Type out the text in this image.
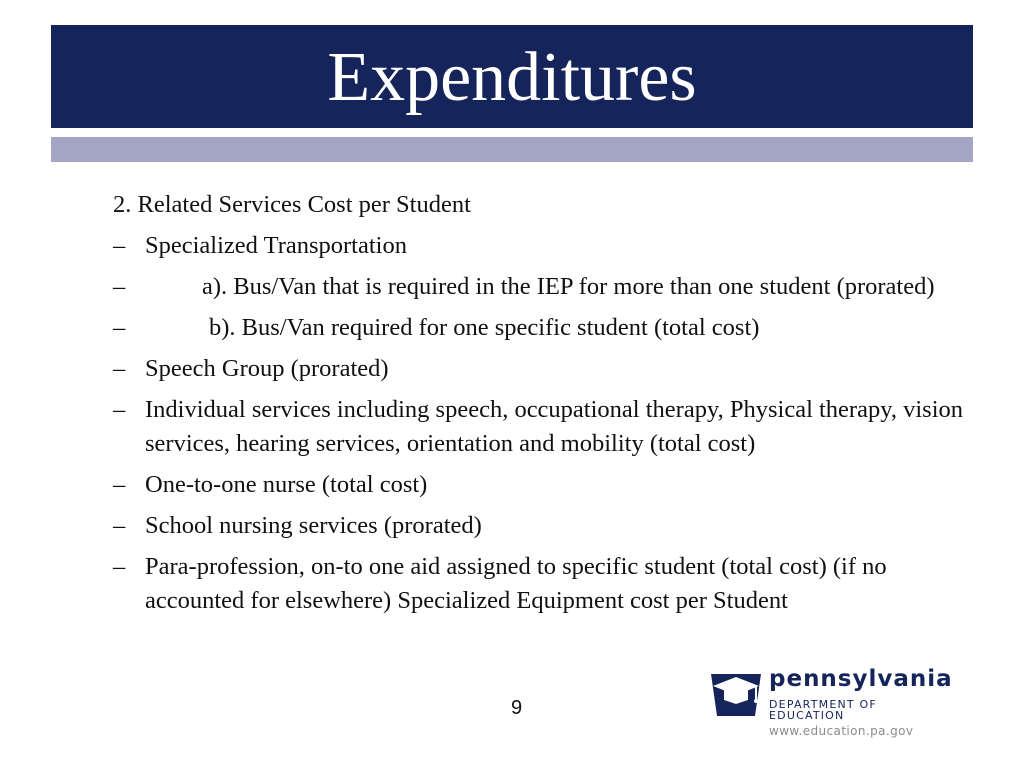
Expenditures
2. Related Services Cost per Student
– Specialized Transportation
–	a). Bus/Van that is required in the IEP for more than one student (prorated)
–	b). Bus/Van required for one specific student (total cost)
– Speech Group (prorated)
– Individual services including speech, occupational therapy, Physical therapy, vision services, hearing services, orientation and mobility (total cost)
– One-to-one nurse (total cost)
– School nursing services (prorated)
– Para-profession, on-to one aid assigned to specific student (total cost) (if no accounted for elsewhere) Specialized Equipment cost per Student
9
pennsylvania
DEPARTMENT OF EDUCATION
www.education.pa.gov
